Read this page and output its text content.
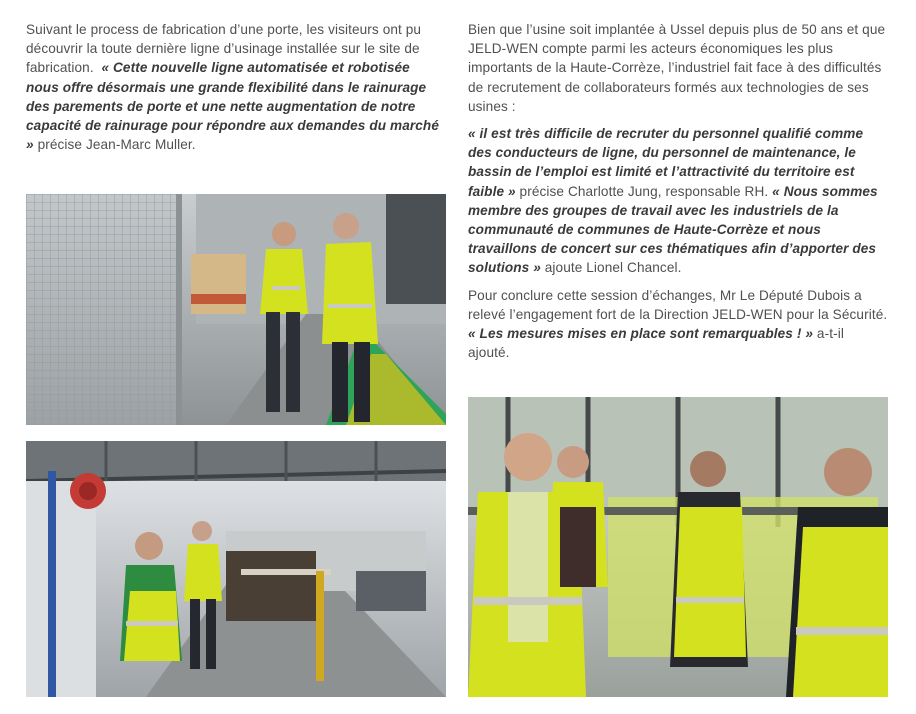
Suivant le process de fabrication d’une porte, les visiteurs ont pu découvrir la toute dernière ligne d’usinage installée sur le site de fabrication. « Cette nouvelle ligne automatisée et robotisée nous offre désormais une grande flexibilité dans le rainurage des parements de porte et une nette augmentation de notre capacité de rainurage pour répondre aux demandes du marché » précise Jean-Marc Muller.

Bien que l’usine soit implantée à Ussel depuis plus de 50 ans et que JELD-WEN compte parmi les acteurs économiques les plus importants de la Haute-Corrèze, l’industriel fait face à des difficultés de recrutement de collaborateurs formés aux technologies de ses usines :

« il est très difficile de recruter du personnel qualifié comme des conducteurs de ligne, du personnel de maintenance, le bassin de l’emploi est limité et l’attractivité du territoire est faible » précise Charlotte Jung, responsable RH. « Nous sommes membre des groupes de travail avec les industriels de la communauté de communes de Haute-Corrèze et nous travaillons de concert sur ces thématiques afin d’apporter des solutions » ajoute Lionel Chancel.

Pour conclure cette session d’échanges, Mr Le Député Dubois a relevé l’engagement fort de la Direction JELD-WEN pour la Sécurité. « Les mesures mises en place sont remarquables ! » a-t-il ajouté.
